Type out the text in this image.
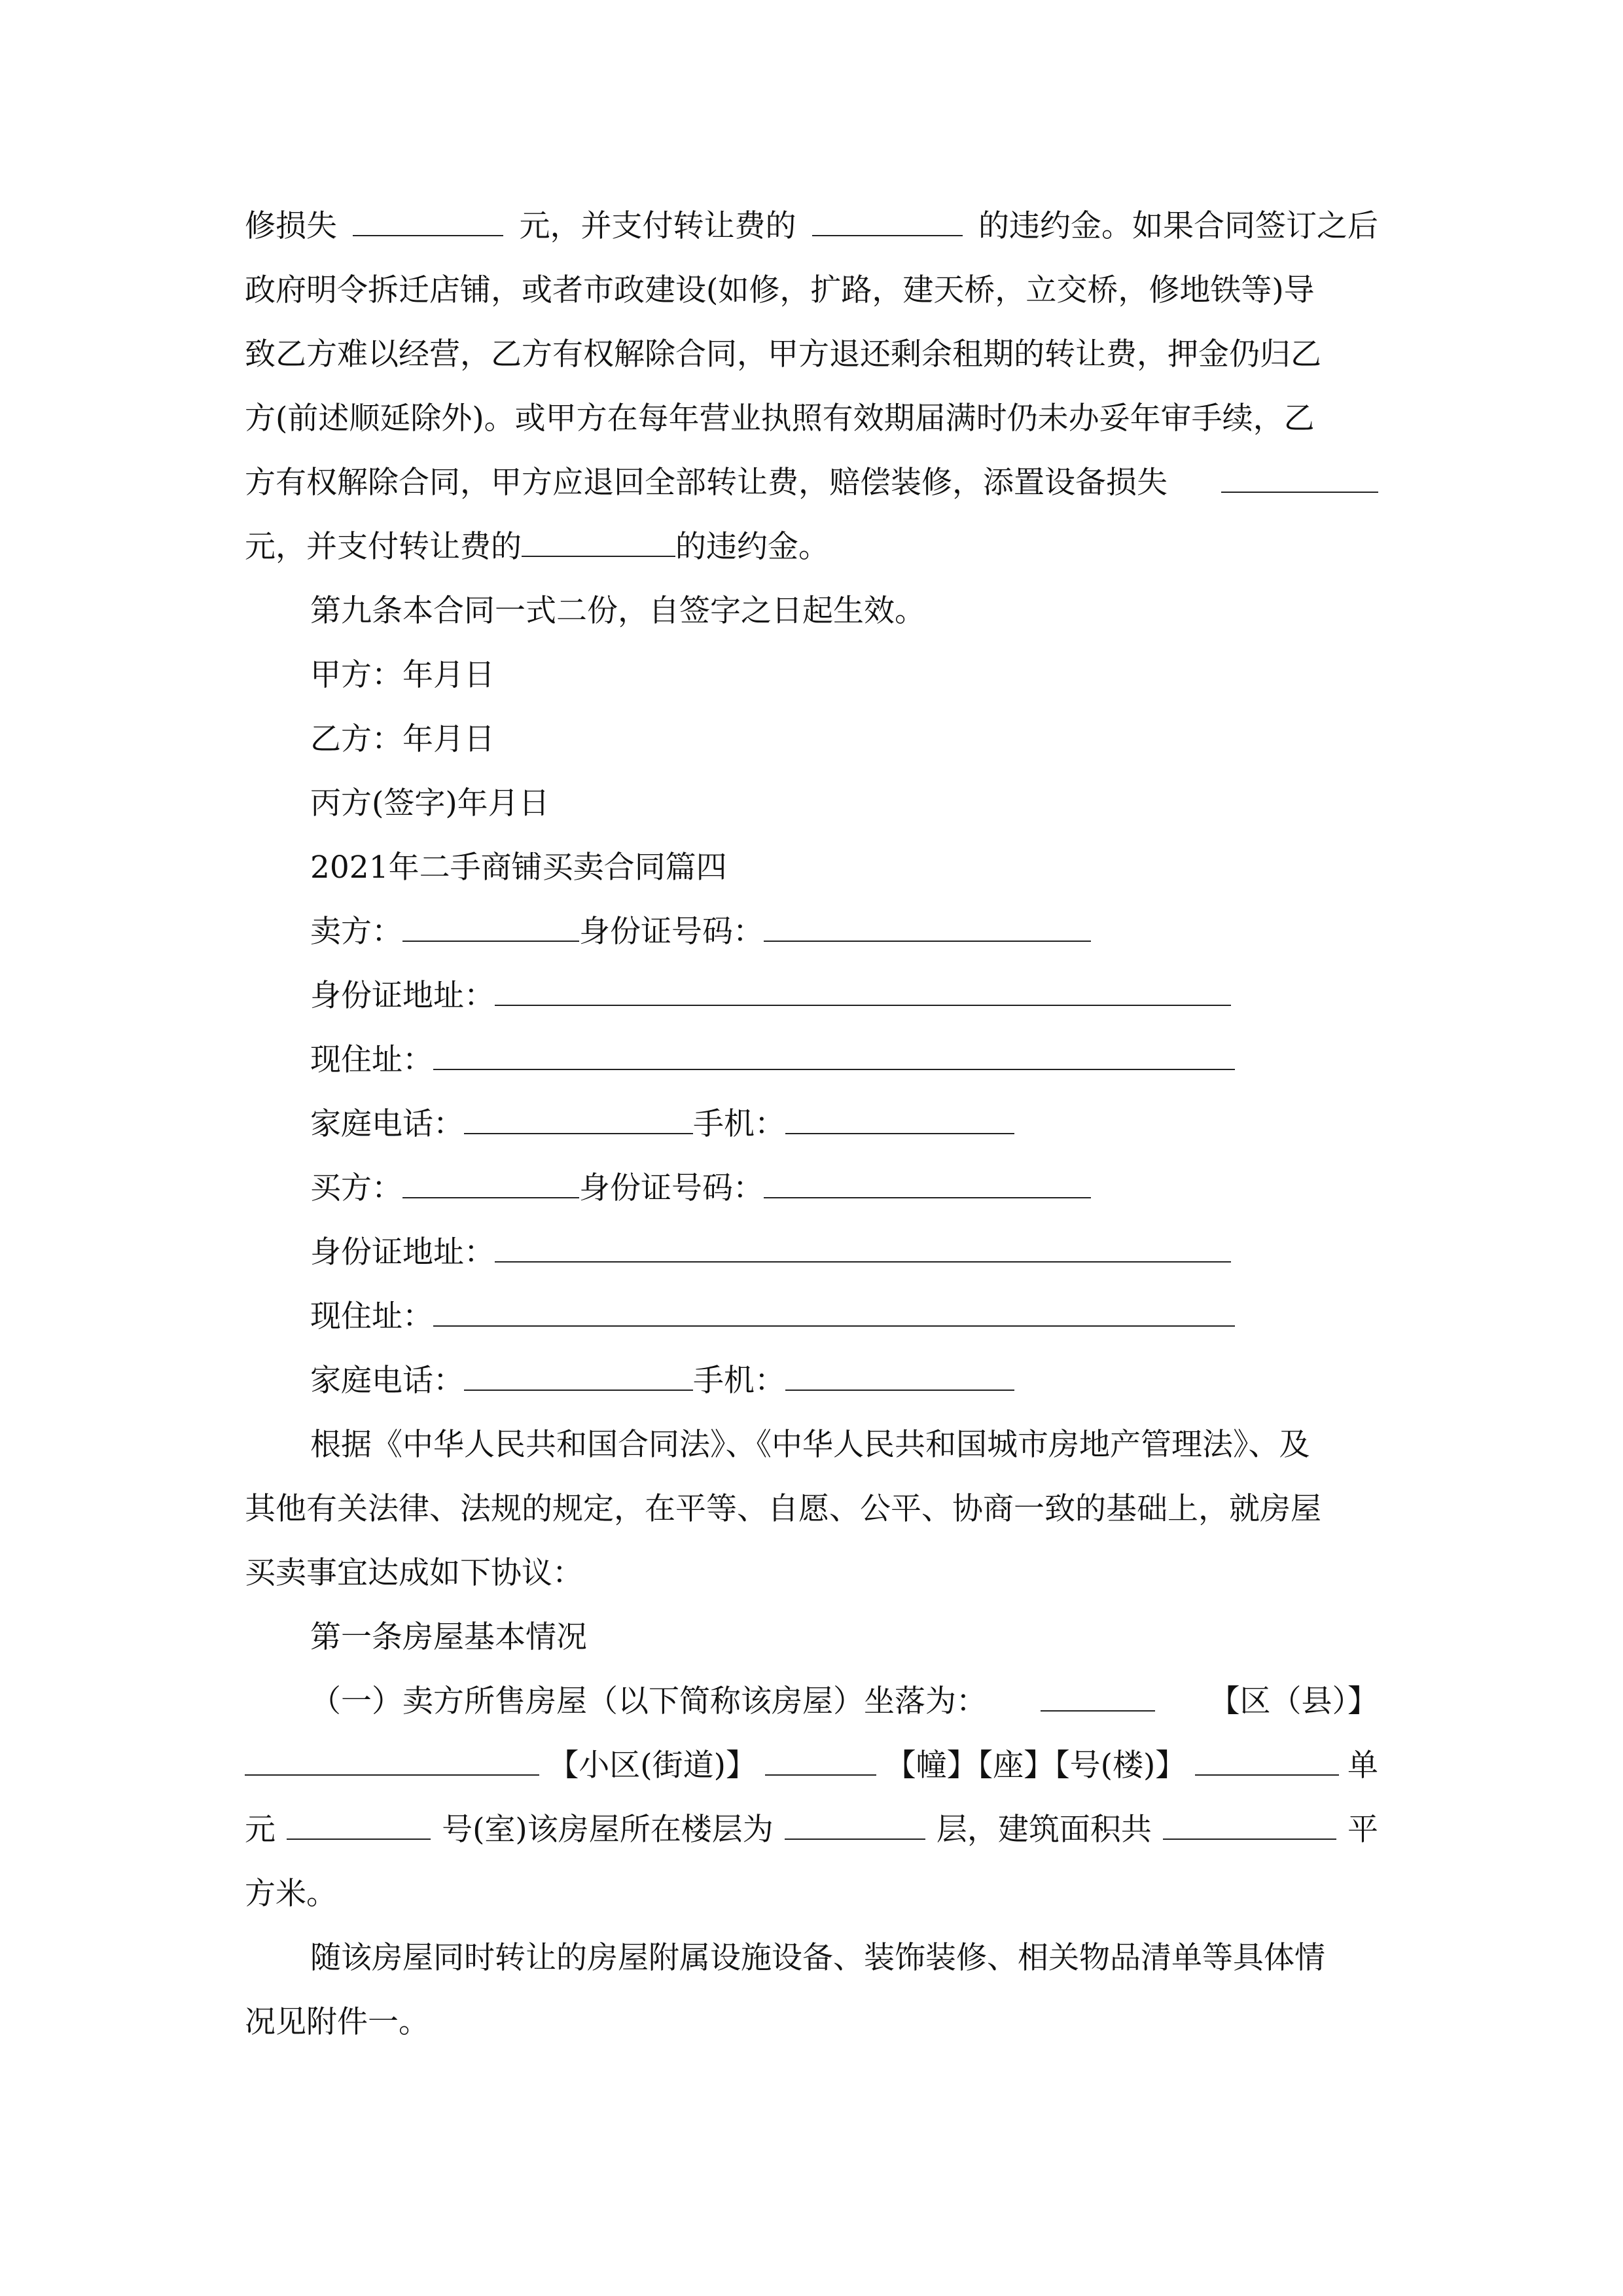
修损失	元，并支付转让费的	的违约金。如果合同签订之后
政府明令拆迁店铺，或者市政建设(如修，扩路，建天桥，立交桥，修地铁等)导
致乙方难以经营，乙方有权解除合同，甲方退还剩余租期的转让费，押金仍归乙
方(前述顺延除外)。或甲方在每年营业执照有效期届满时仍未办妥年审手续，乙
方有权解除合同，甲方应退回全部转让费，赔偿装修，添置设备损失
元，并支付转让费的	的违约金。
第九条本合同一式二份，自签字之日起生效。
甲方：年月日
乙方：年月日
丙方(签字)年月日
2021年二手商铺买卖合同篇四
卖方：	身份证号码：
身份证地址：
现住址：
家庭电话：	手机：
买方：	身份证号码：
身份证地址：
现住址：
家庭电话：	手机：
根据《中华人民共和国合同法》、《中华人民共和国城市房地产管理法》、及
其他有关法律、法规的规定，在平等、自愿、公平、协商一致的基础上，就房屋
买卖事宜达成如下协议：
第一条房屋基本情况
（一）卖方所售房屋（以下简称该房屋）坐落为：	【区（县）】
【小区(街道)】	【幢】【座】【号(楼)】	单
元	号(室)该房屋所在楼层为	层，建筑面积共	平
方米。
随该房屋同时转让的房屋附属设施设备、装饰装修、相关物品清单等具体情
况见附件一。
